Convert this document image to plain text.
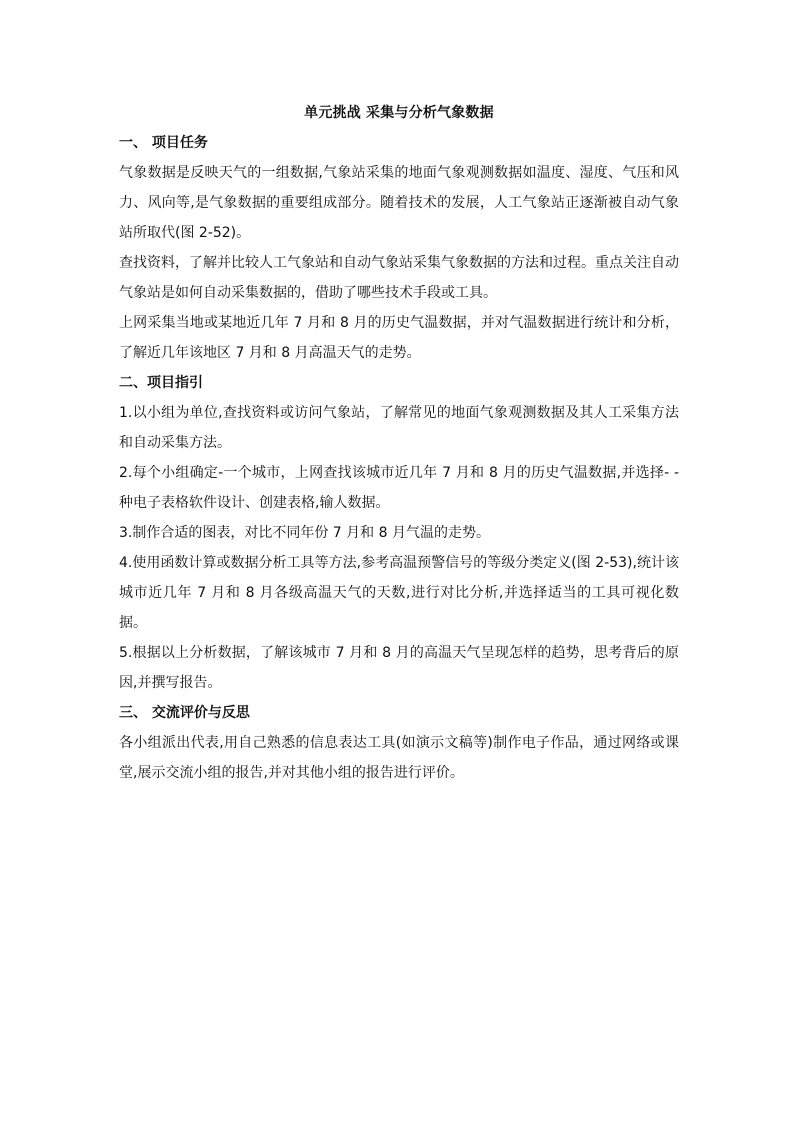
单元挑战 采集与分析气象数据

一、 项目任务

气象数据是反映天气的一组数据,气象站采集的地面气象观测数据如温度、湿度、气压和风力、风向等,是气象数据的重要组成部分。随着技术的发展，人工气象站正逐渐被自动气象站所取代(图 2-52)。

查找资料，了解并比较人工气象站和自动气象站采集气象数据的方法和过程。重点关注自动气象站是如何自动采集数据的，借助了哪些技术手段或工具。

上网采集当地或某地近几年 7 月和 8 月的历史气温数据，并对气温数据进行统计和分析，了解近几年该地区 7 月和 8 月高温天气的走势。

二、项目指引

1.以小组为单位,查找资料或访问气象站，了解常见的地面气象观测数据及其人工采集方法和自动采集方法。

2.每个小组确定-一个城市，上网查找该城市近几年 7 月和 8 月的历史气温数据,并选择- -种电子表格软件设计、创建表格,输人数据。

3.制作合适的图表，对比不同年份 7 月和 8 月气温的走势。

4.使用函数计算或数据分析工具等方法,参考高温预警信号的等级分类定义(图 2-53),统计该城市近几年 7 月和 8 月各级高温天气的天数,进行对比分析,并选择适当的工具可视化数据。

5.根据以上分析数据，了解该城市 7 月和 8 月的高温天气呈现怎样的趋势，思考背后的原因,并撰写报告。

三、 交流评价与反思

各小组派出代表,用自己熟悉的信息表达工具(如演示文稿等)制作电子作品，通过网络或课堂,展示交流小组的报告,并对其他小组的报告进行评价。
